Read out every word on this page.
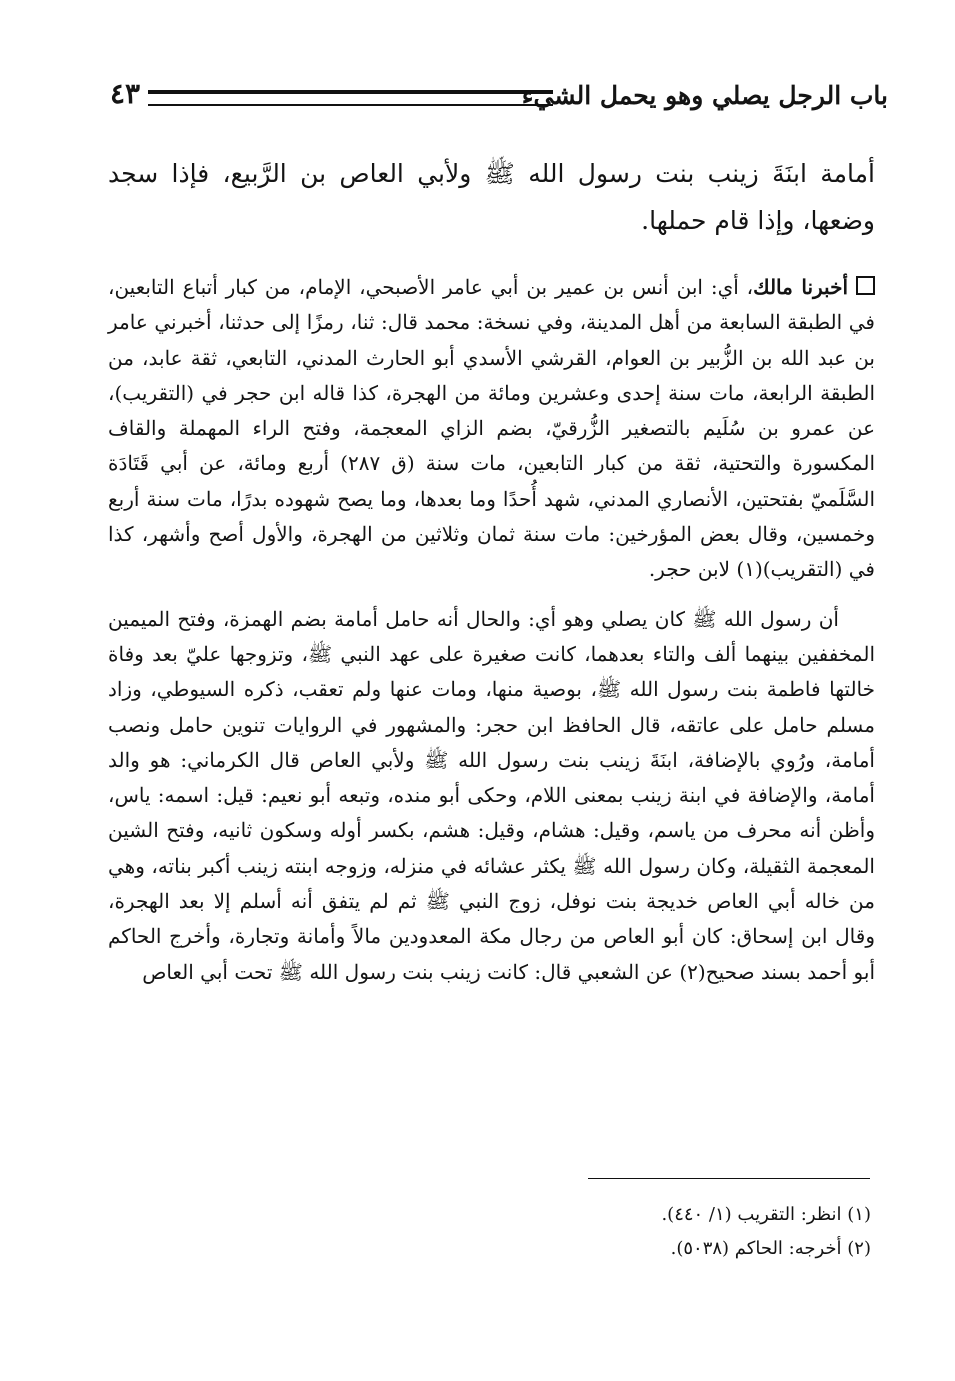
باب الرجل يصلي وهو يحمل الشيء
٤٣

أمامة ابنَةَ زينب بنت رسول الله ﷺ ولأبي العاص بن الرَّبيع، فإذا سجد وضعها، وإذا قام حملها.

أخبرنا مالك، أي: ابن أنس بن عمير بن أبي عامر الأصبحي، الإمام، من كبار أتباع التابعين، في الطبقة السابعة من أهل المدينة، وفي نسخة: محمد قال: ثنا، رمزًا إلى حدثنا، أخبرني عامر بن عبد الله بن الزُّبير بن العوام، القرشي الأسدي أبو الحارث المدني، التابعي، ثقة عابد، من الطبقة الرابعة، مات سنة إحدى وعشرين ومائة من الهجرة، كذا قاله ابن حجر في (التقريب)، عن عمرو بن سُلَيم بالتصغير الزُّرقيّ، بضم الزاي المعجمة، وفتح الراء المهملة والقاف المكسورة والتحتية، ثقة من كبار التابعين، مات سنة (ق ٢٨٧) أربع ومائة، عن أبي قَتَادَة السَّلَميّ بفتحتين، الأنصاري المدني، شهد أُحدًا وما بعدها، وما يصح شهوده بدرًا، مات سنة أربع وخمسين، وقال بعض المؤرخين: مات سنة ثمان وثلاثين من الهجرة، والأول أصح وأشهر، كذا في (التقريب)(١) لابن حجر.

أن رسول الله ﷺ كان يصلي وهو أي: والحال أنه حامل أمامة بضم الهمزة، وفتح الميمين المخففين بينهما ألف والتاء بعدهما، كانت صغيرة على عهد النبي ﷺ، وتزوجها عليّ بعد وفاة خالتها فاطمة بنت رسول الله ﷺ، بوصية منها، ومات عنها ولم تعقب، ذكره السيوطي، وزاد مسلم حامل على عاتقه، قال الحافظ ابن حجر: والمشهور في الروايات تنوين حامل ونصب أمامة، ورُوي بالإضافة، ابنَةَ زينب بنت رسول الله ﷺ ولأبي العاص قال الكرماني: هو والد أمامة، والإضافة في ابنة زينب بمعنى اللام، وحكى أبو منده، وتبعه أبو نعيم: قيل: اسمه: ياس، وأظن أنه محرف من ياسم، وقيل: هشام، وقيل: هشم، بكسر أوله وسكون ثانيه، وفتح الشين المعجمة الثقيلة، وكان رسول الله ﷺ يكثر عشائه في منزله، وزوجه ابنته زينب أكبر بناته، وهي من خاله أبي العاص خديجة بنت نوفل، زوج النبي ﷺ ثم لم يتفق أنه أسلم إلا بعد الهجرة، وقال ابن إسحاق: كان أبو العاص من رجال مكة المعدودين مالاً وأمانة وتجارة، وأخرج الحاكم أبو أحمد بسند صحيح(٢) عن الشعبي قال: كانت زينب بنت رسول الله ﷺ تحت أبي العاص

(١) انظر: التقريب (١/ ٤٤٠).

(٢) أخرجه: الحاكم (٥٠٣٨).
